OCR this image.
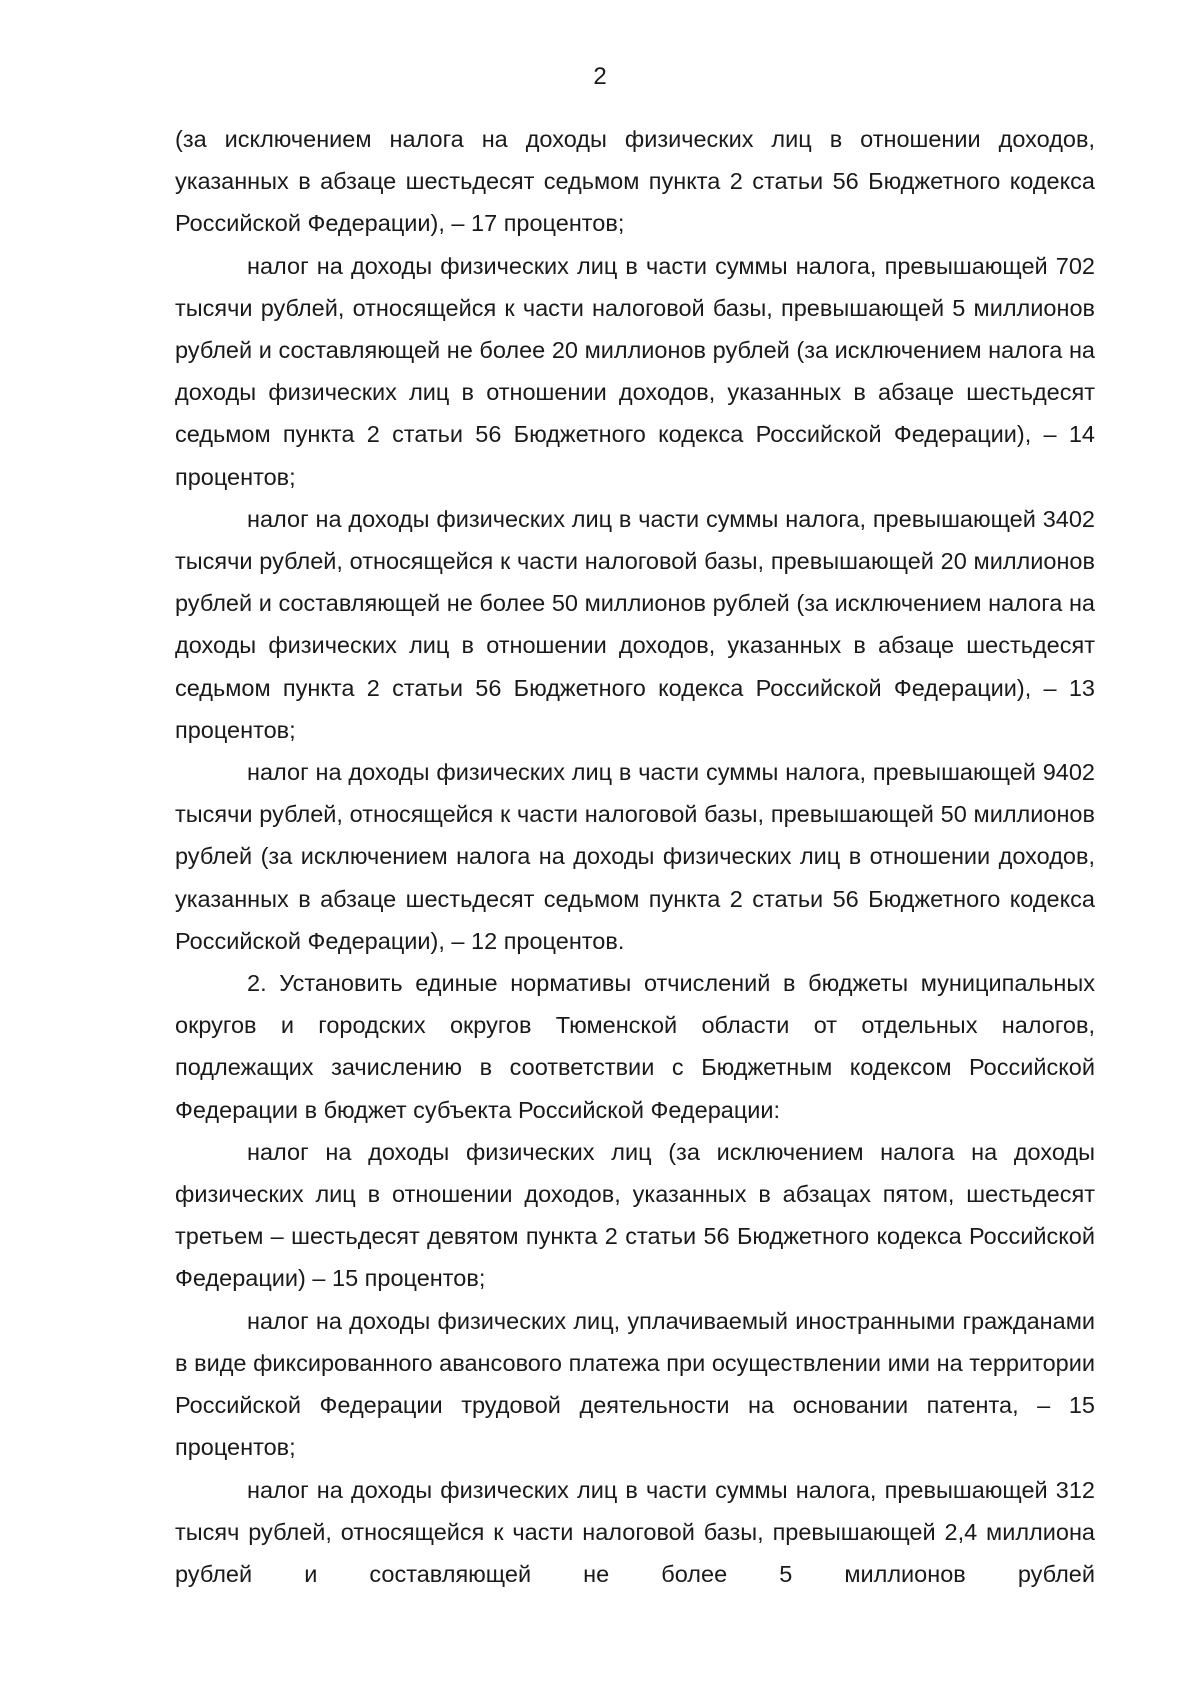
2

(за исключением налога на доходы физических лиц в отношении доходов, указанных в абзаце шестьдесят седьмом пункта 2 статьи 56 Бюджетного кодекса Российской Федерации), – 17 процентов;

налог на доходы физических лиц в части суммы налога, превышающей 702 тысячи рублей, относящейся к части налоговой базы, превышающей 5 миллионов рублей и составляющей не более 20 миллионов рублей (за исключением налога на доходы физических лиц в отношении доходов, указанных в абзаце шестьдесят седьмом пункта 2 статьи 56 Бюджетного кодекса Российской Федерации), – 14 процентов;

налог на доходы физических лиц в части суммы налога, превышающей 3402 тысячи рублей, относящейся к части налоговой базы, превышающей 20 миллионов рублей и составляющей не более 50 миллионов рублей (за исключением налога на доходы физических лиц в отношении доходов, указанных в абзаце шестьдесят седьмом пункта 2 статьи 56 Бюджетного кодекса Российской Федерации), – 13 процентов;

налог на доходы физических лиц в части суммы налога, превышающей 9402 тысячи рублей, относящейся к части налоговой базы, превышающей 50 миллионов рублей (за исключением налога на доходы физических лиц в отношении доходов, указанных в абзаце шестьдесят седьмом пункта 2 статьи 56 Бюджетного кодекса Российской Федерации), – 12 процентов.

2. Установить единые нормативы отчислений в бюджеты муниципальных округов и городских округов Тюменской области от отдельных налогов, подлежащих зачислению в соответствии с Бюджетным кодексом Российской Федерации в бюджет субъекта Российской Федерации:

налог на доходы физических лиц (за исключением налога на доходы физических лиц в отношении доходов, указанных в абзацах пятом, шестьдесят третьем – шестьдесят девятом пункта 2 статьи 56 Бюджетного кодекса Российской Федерации) – 15 процентов;

налог на доходы физических лиц, уплачиваемый иностранными гражданами в виде фиксированного авансового платежа при осуществлении ими на территории Российской Федерации трудовой деятельности на основании патента, – 15 процентов;

налог на доходы физических лиц в части суммы налога, превышающей 312 тысяч рублей, относящейся к части налоговой базы, превышающей 2,4 миллиона рублей и составляющей не более 5 миллионов рублей
